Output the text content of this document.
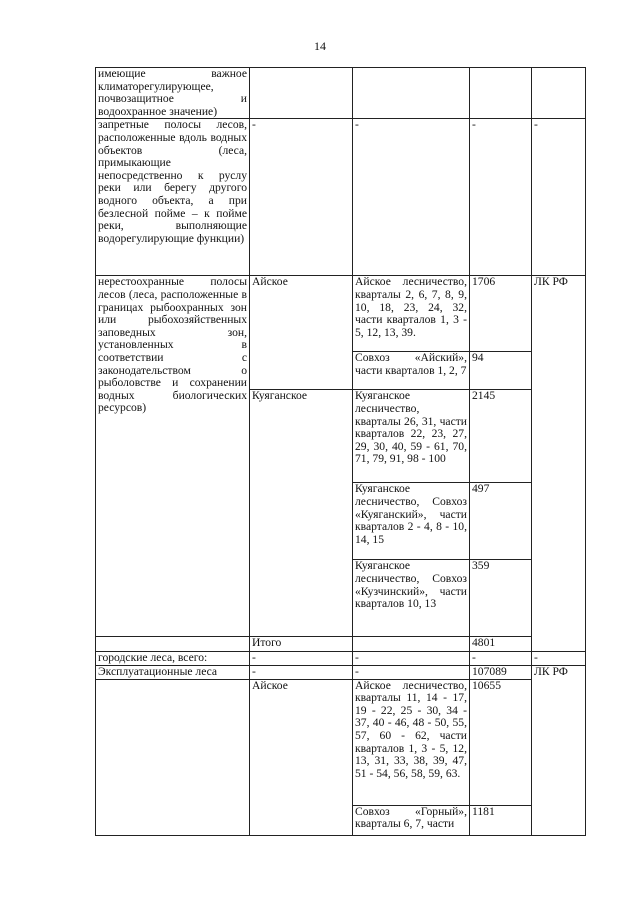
14
имеющие важное климаторегулирующее, почвозащитное и водоохранное значение)				
запретные полосы лесов, расположенные вдоль водных объектов (леса, примыкающие непосредственно к руслу реки или берегу другого водного объекта, а при безлесной пойме – к пойме реки, выполняющие водорегулирующие функции)	-	-	-	-
нерестоохранные полосы лесов (леса, расположенные в границах рыбоохранных зон или рыбохозяйственных заповедных зон, установленных в соответствии с законодательством о рыболовстве и сохранении водных биологических ресурсов)	Айское	Айское лесничество, кварталы 2, 6, 7, 8, 9, 10, 18, 23, 24, 32, части кварталов 1, 3 - 5, 12, 13, 39.	1706	ЛК РФ
		Совхоз «Айский», части кварталов 1, 2, 7	94	
	Куяганское	Куяганское лесничество, кварталы 26, 31, части кварталов 22, 23, 27, 29, 30, 40, 59 - 61, 70, 71, 79, 91, 98 - 100	2145	
		Куяганское лесничество, Совхоз «Куяганский», части кварталов 2 - 4, 8 - 10, 14, 15	497	
		Куяганское лесничество, Совхоз «Кузчинский», части кварталов 10, 13	359	
	Итого		4801	
городские леса, всего:	-	-	-	-
Эксплуатационные леса	-	-	107089	ЛК РФ
	Айское	Айское лесничество, кварталы 11, 14 - 17, 19 - 22, 25 - 30, 34 - 37, 40 - 46, 48 - 50, 55, 57, 60 - 62, части кварталов 1, 3 - 5, 12, 13, 31, 33, 38, 39, 47, 51 - 54, 56, 58, 59, 63.	10655	
		Совхоз «Горный», кварталы 6, 7, части	1181	
